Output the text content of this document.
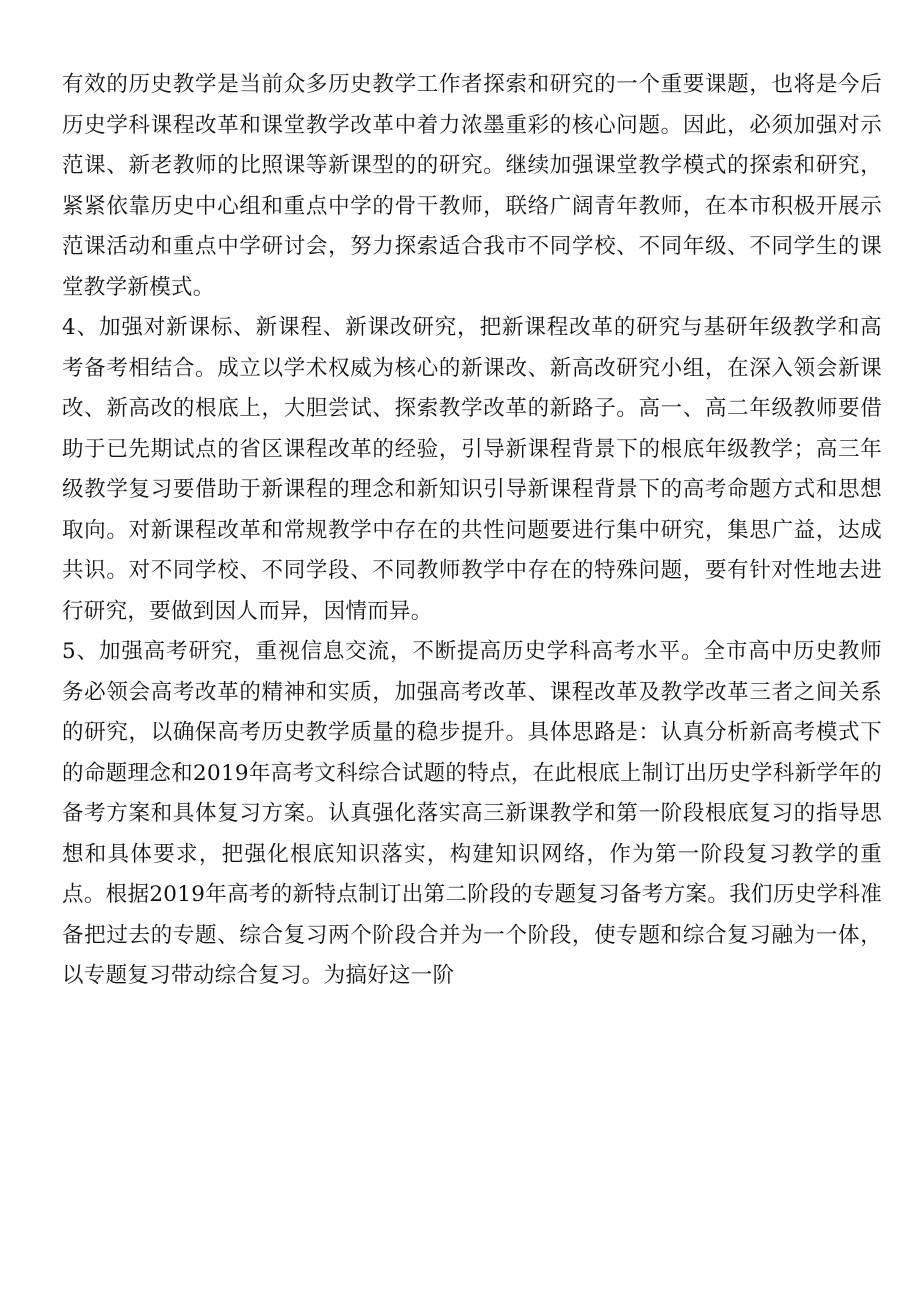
有效的历史教学是当前众多历史教学工作者探索和研究的一个重要课题，也将是今后历史学科课程改革和课堂教学改革中着力浓墨重彩的核心问题。因此，必须加强对示范课、新老教师的比照课等新课型的的研究。继续加强课堂教学模式的探索和研究，紧紧依靠历史中心组和重点中学的骨干教师，联络广阔青年教师，在本市积极开展示范课活动和重点中学研讨会，努力探索适合我市不同学校、不同年级、不同学生的课堂教学新模式。

4、加强对新课标、新课程、新课改研究，把新课程改革的研究与基研年级教学和高考备考相结合。成立以学术权威为核心的新课改、新高改研究小组，在深入领会新课改、新高改的根底上，大胆尝试、探索教学改革的新路子。高一、高二年级教师要借助于已先期试点的省区课程改革的经验，引导新课程背景下的根底年级教学；高三年级教学复习要借助于新课程的理念和新知识引导新课程背景下的高考命题方式和思想取向。对新课程改革和常规教学中存在的共性问题要进行集中研究，集思广益，达成共识。对不同学校、不同学段、不同教师教学中存在的特殊问题，要有针对性地去进行研究，要做到因人而异，因情而异。

5、加强高考研究，重视信息交流，不断提高历史学科高考水平。全市高中历史教师务必领会高考改革的精神和实质，加强高考改革、课程改革及教学改革三者之间关系的研究，以确保高考历史教学质量的稳步提升。具体思路是：认真分析新高考模式下的命题理念和2019年高考文科综合试题的特点，在此根底上制订出历史学科新学年的备考方案和具体复习方案。认真强化落实高三新课教学和第一阶段根底复习的指导思想和具体要求，把强化根底知识落实，构建知识网络，作为第一阶段复习教学的重点。根据2019年高考的新特点制订出第二阶段的专题复习备考方案。我们历史学科准备把过去的专题、综合复习两个阶段合并为一个阶段，使专题和综合复习融为一体，以专题复习带动综合复习。为搞好这一阶
